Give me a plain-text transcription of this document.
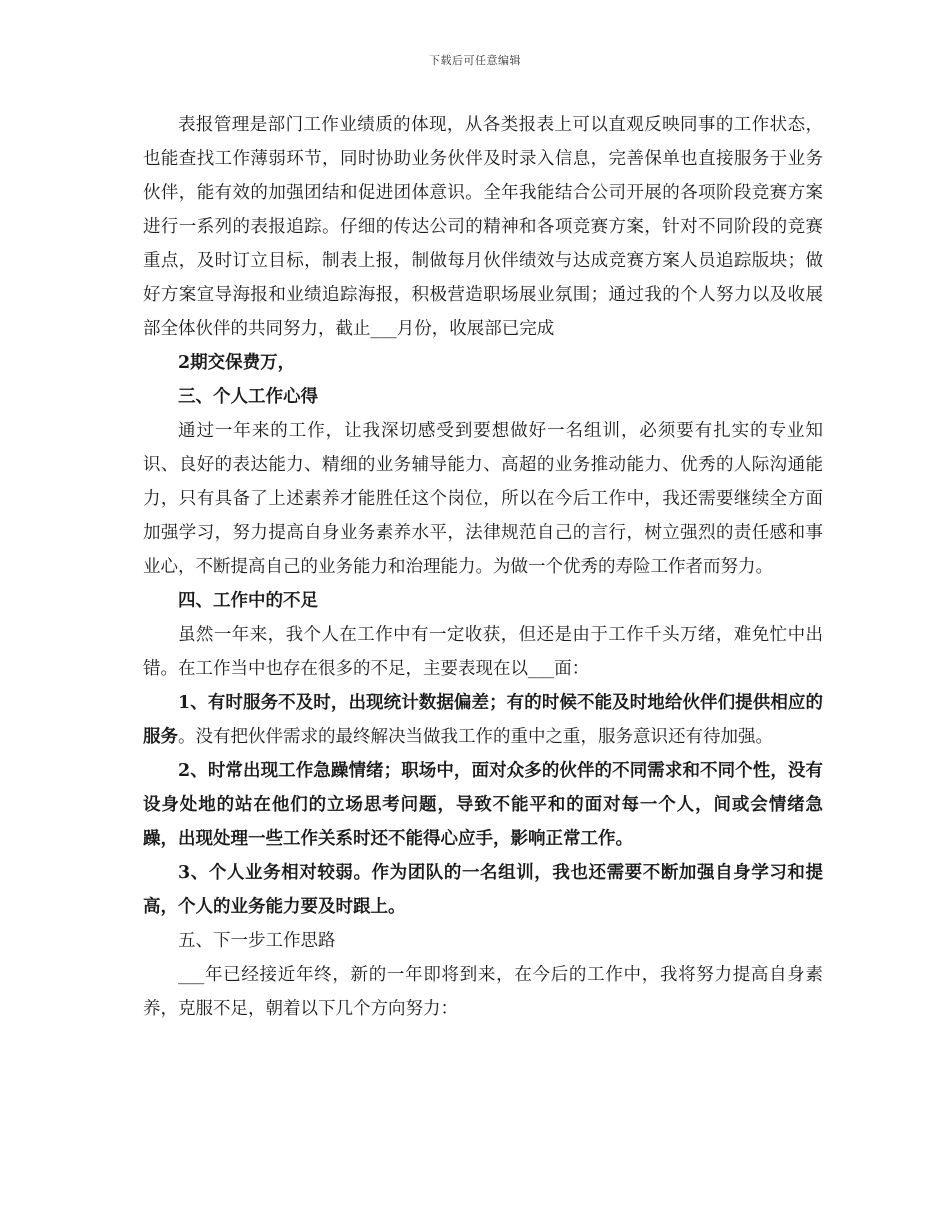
下载后可任意编辑

表报管理是部门工作业绩质的体现，从各类报表上可以直观反映同事的工作状态，也能查找工作薄弱环节，同时协助业务伙伴及时录入信息，完善保单也直接服务于业务伙伴，能有效的加强团结和促进团体意识。全年我能结合公司开展的各项阶段竞赛方案进行一系列的表报追踪。仔细的传达公司的精神和各项竞赛方案，针对不同阶段的竞赛重点，及时订立目标，制表上报，制做每月伙伴绩效与达成竞赛方案人员追踪版块；做好方案宣导海报和业绩追踪海报，积极营造职场展业氛围；通过我的个人努力以及收展部全体伙伴的共同努力，截止___月份，收展部已完成

2期交保费万，

三、个人工作心得

通过一年来的工作，让我深切感受到要想做好一名组训，必须要有扎实的专业知识、良好的表达能力、精细的业务辅导能力、高超的业务推动能力、优秀的人际沟通能力，只有具备了上述素养才能胜任这个岗位，所以在今后工作中，我还需要继续全方面加强学习，努力提高自身业务素养水平，法律规范自己的言行，树立强烈的责任感和事业心，不断提高自己的业务能力和治理能力。为做一个优秀的寿险工作者而努力。

四、工作中的不足

虽然一年来，我个人在工作中有一定收获，但还是由于工作千头万绪，难免忙中出错。在工作当中也存在很多的不足，主要表现在以___面：

1、有时服务不及时，出现统计数据偏差；有的时候不能及时地给伙伴们提供相应的服务。没有把伙伴需求的最终解决当做我工作的重中之重，服务意识还有待加强。

2、时常出现工作急躁情绪；职场中，面对众多的伙伴的不同需求和不同个性，没有设身处地的站在他们的立场思考问题，导致不能平和的面对每一个人，间或会情绪急躁，出现处理一些工作关系时还不能得心应手，影响正常工作。

3、个人业务相对较弱。作为团队的一名组训，我也还需要不断加强自身学习和提高，个人的业务能力要及时跟上。

五、下一步工作思路

___年已经接近年终，新的一年即将到来，在今后的工作中，我将努力提高自身素养，克服不足，朝着以下几个方向努力：
